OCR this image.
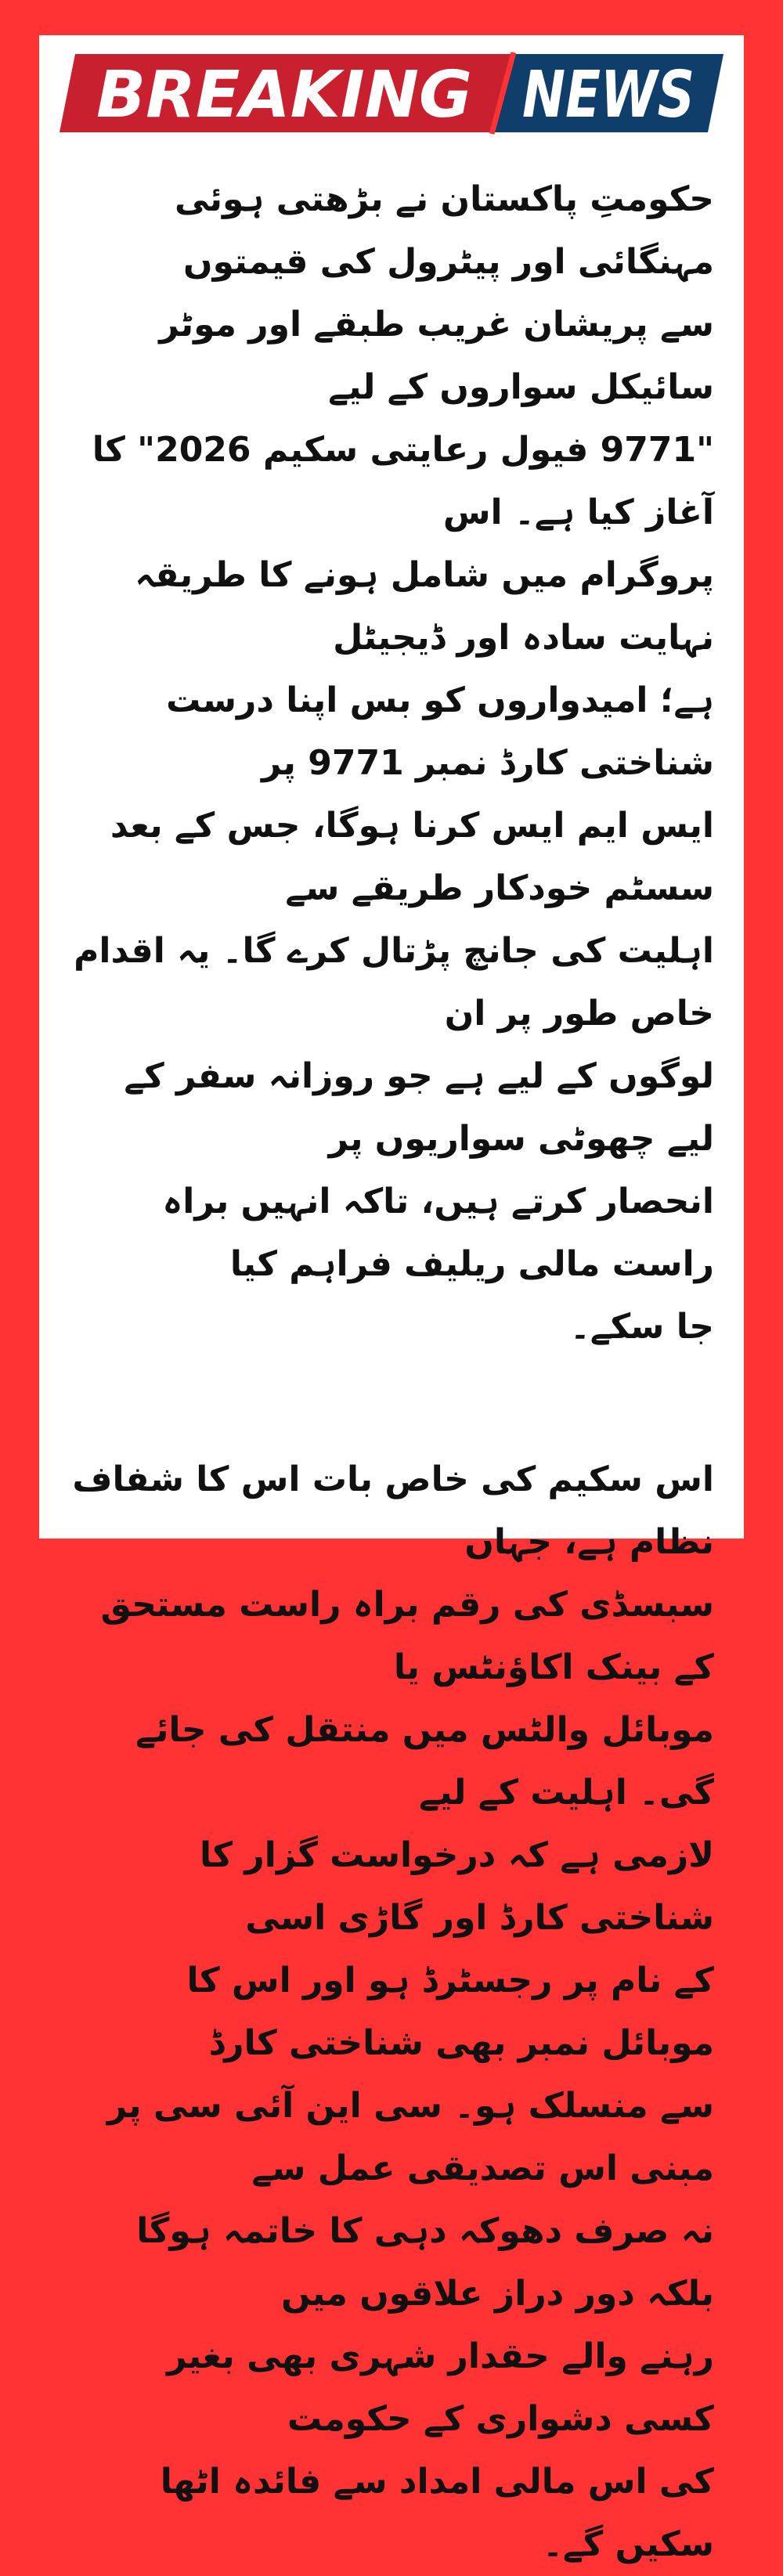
BREAKING NEWS

حکومتِ پاکستان نے بڑھتی ہوئی مہنگائی اور پیٹرول کی قیمتوں
سے پریشان غریب طبقے اور موٹر سائیکل سواروں کے لیے
"9771 فیول رعایتی سکیم 2026" کا آغاز کیا ہے۔ اس
پروگرام میں شامل ہونے کا طریقہ نہایت سادہ اور ڈیجیٹل
ہے؛ امیدواروں کو بس اپنا درست شناختی کارڈ نمبر 9771 پر
ایس ایم ایس کرنا ہوگا، جس کے بعد سسٹم خودکار طریقے سے
اہلیت کی جانچ پڑتال کرے گا۔ یہ اقدام خاص طور پر ان
لوگوں کے لیے ہے جو روزانہ سفر کے لیے چھوٹی سواریوں پر
انحصار کرتے ہیں، تاکہ انہیں براہ راست مالی ریلیف فراہم کیا
جا سکے۔

اس سکیم کی خاص بات اس کا شفاف نظام ہے، جہاں
سبسڈی کی رقم براہ راست مستحق کے بینک اکاؤنٹس یا
موبائل والٹس میں منتقل کی جائے گی۔ اہلیت کے لیے
لازمی ہے کہ درخواست گزار کا شناختی کارڈ اور گاڑی اسی
کے نام پر رجسٹرڈ ہو اور اس کا موبائل نمبر بھی شناختی کارڈ
سے منسلک ہو۔ سی این آئی سی پر مبنی اس تصدیقی عمل سے
نہ صرف دھوکہ دہی کا خاتمہ ہوگا بلکہ دور دراز علاقوں میں
رہنے والے حقدار شہری بھی بغیر کسی دشواری کے حکومت
کی اس مالی امداد سے فائدہ اٹھا سکیں گے۔
